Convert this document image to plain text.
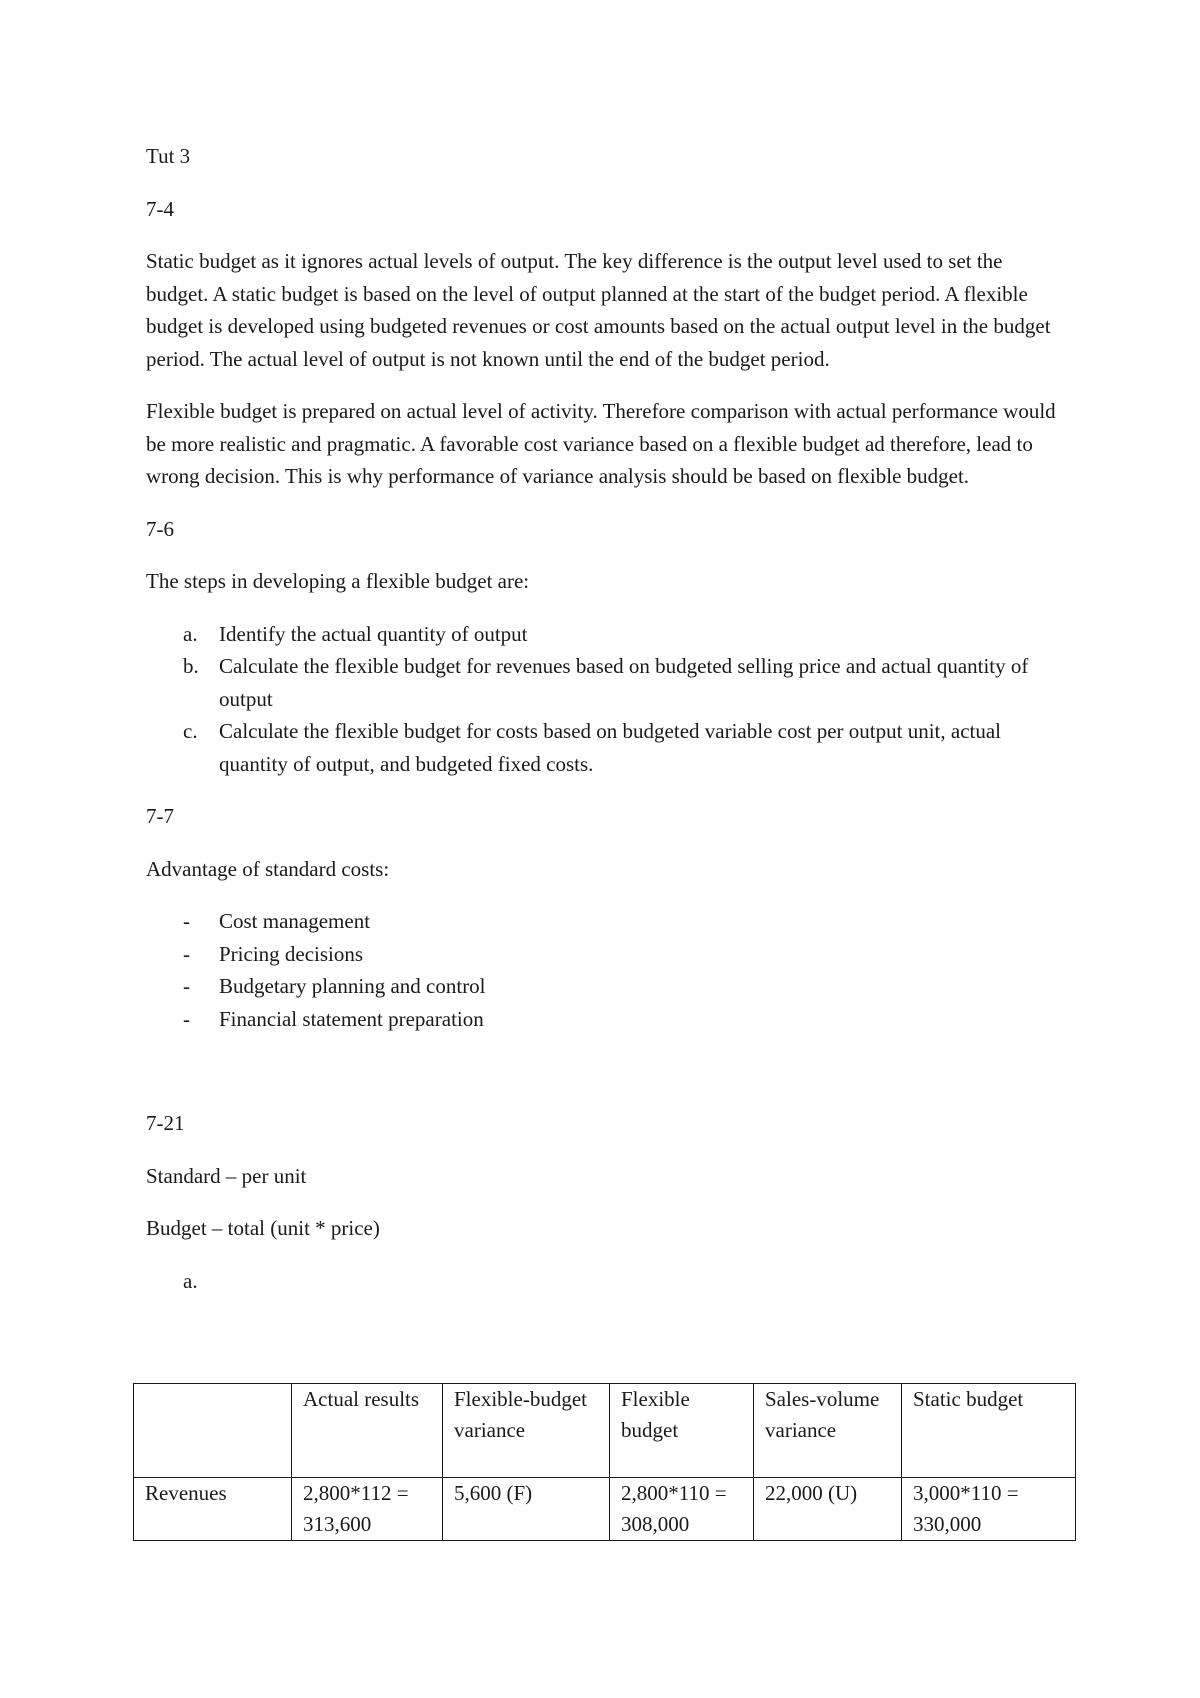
Tut 3

7-4

Static budget as it ignores actual levels of output. The key difference is the output level used to set the budget. A static budget is based on the level of output planned at the start of the budget period. A flexible budget is developed using budgeted revenues or cost amounts based on the actual output level in the budget period. The actual level of output is not known until the end of the budget period.

Flexible budget is prepared on actual level of activity. Therefore comparison with actual performance would be more realistic and pragmatic. A favorable cost variance based on a flexible budget ad therefore, lead to wrong decision. This is why performance of variance analysis should be based on flexible budget.

7-6

The steps in developing a flexible budget are:

a. Identify the actual quantity of output
b. Calculate the flexible budget for revenues based on budgeted selling price and actual quantity of output
c. Calculate the flexible budget for costs based on budgeted variable cost per output unit, actual quantity of output, and budgeted fixed costs.

7-7

Advantage of standard costs:

- Cost management
- Pricing decisions
- Budgetary planning and control
- Financial statement preparation

7-21

Standard – per unit

Budget – total (unit * price)

a.
	Actual results	Flexible-budget variance	Flexible budget	Sales-volume variance	Static budget
Revenues	2,800*112 = 313,600	5,600 (F)	2,800*110 = 308,000	22,000 (U)	3,000*110 = 330,000
